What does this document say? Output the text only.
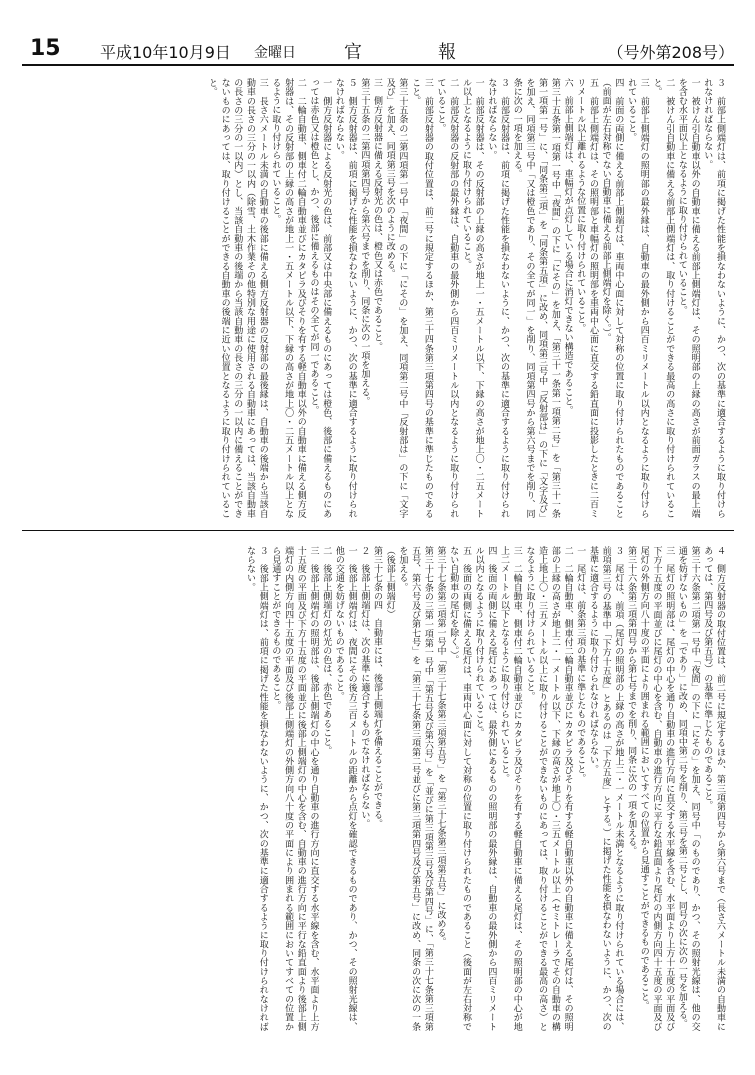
15 平成10年10月9日 金曜日	官	報	（号外第208号）

３　前部上側端灯は、前項に掲げた性能を損なわないように、かつ、次の基準に適合するように取り付けられなければならない。

一　被けん引自動車以外の自動車に備える前部上側端灯は、その照明部の上縁の高さが前面ガラスの最上端を含む水平面以上となるように取り付けられていること。

二　被けん引自動車に備える前部上側端灯は、取り付けることができる最高の高さに取り付けられていること。

三　前部上側端灯の照明部の最外縁は、自動車の最外側から四百ミリメートル以内となるように取り付けられていること。

四　前面の両側に備える前部上側端灯は、車両中心面に対して対称の位置に取り付けられたものであること（前面が左右対称でない自動車に備える前部上側端灯を除く。）。

五　前部上側端灯は、その照明部と車幅灯の照明部を車両中心面に直交する鉛直面に投影したときに二百ミリメートル以上離れるような位置に取り付けられていること。

六　前部上側端灯は、車幅灯が点灯している場合に消灯できない構造であること。

第三十五条第一項第一号中「夜間」の下に「にその」を加え、「第三十一条第一項第二号」を「第三十一条第一項第一号」に、「同条第三項」を「同条第五項」に改め、同項第三号中「反射部は」の下に「文字及び」を加え、同項第三号中「又は橙色であり、その全てが同一」を削り、同項第四号から第六号までを削り、同条に次の一項を加える。

３　前部反射器は、前項に掲げた性能を損なわないように、かつ、次の基準に適合するように取り付けられなければならない。

一　前部反射器は、その反射部の上縁の高さが地上一・五メートル以下、下縁の高さが地上〇・二五メートル以上となるように取り付けられていること。

二　前部反射器の反射部の最外縁は、自動車の最外側から四百ミリメートル以内となるように取り付けられていること。

三　前部反射器の取付位置は、前二号に規定するほか、第三十四条第三項第四号の基準に準じたものであること。

第三十五条の二第四項第一号中「夜間」の下に「にその」を加え、同項第二号中「反射部は」の下に「文字及び」を加え、同項第三号を次のように改める。

三　側方反射器に備える反射光の色は、橙色又は赤色であること。

第三十五条の二第四項第四号から第六号までを削り、同条に次の一項を加える。

５　側方反射器は、前項に掲げた性能を損なわないように、かつ、次の基準に適合するように取り付けられなければならない。

一　側方反射器による反射光の色は、前部又は中央部に備えるものにあっては橙色、後部に備えるものにあっては赤色又は橙色とし、かつ、後部に備えるものはその全てが同一であること。

二　二輪自動車、側車付二輪自動車並びにカタピラ及びそりを有する軽自動車以外の自動車に備える側方反射器は、その反射部の上縁の高さが地上一・五メートル以下、下縁の高さが地上〇・二五メートル以上となるように取り付けられていること。

三　長さ六メートル未満の自動車の後部に備える側方反射器の反射部の最後縁は、自動車の後端から当該自動車の長さの三分の一以内（除雪、土木作業その他特別な用途に使用される自動車にあっては、当該自動車の長さの三分の一以内）とし、当該自動車の後端から当該自動車の長さの三分の一以内に備えることができないものにあっては、取り付けることができる自動車の後端に近い位置となるように取り付けられていること。

４　側方反射器の取付位置は、前二号に規定するほか、第三項第四号から第六号まで（長さ六メートル未満の自動車にあっては、第四号及び第五号）の基準に準じたものであること。

第三十六条第二項第一号中「夜間」の下に「にその」を加え、同号中「のものであり、かつ、その照射光線は、他の交通を妨げないもの」を「であり」に改め、同項中第二号を削り、第三号を第二号とし、同号の次に次の一号を加える。

三　尾灯の照明部は、尾灯の中心を通り自動車の進行方向に直交する水平線を含む、水平面より上方十五度の平面及び下方十五度の平面並びに尾灯の中心を含む、自動車の進行方向に平行な鉛直面より尾灯の内側方向四十五度の平面及び尾灯の外側方向八十度の平面により囲まれる範囲においてすべての位置から見通すことができるものであること。

第三十六条第三項第四号から第七号までを削り、同条に次の一項を加える。

３　尾灯は、前項（尾灯の照明部の上縁の高さが地上二・一メートル未満となるように取り付けられている場合には、前項第三号の基準中「下方十五度」とあるのは「下方五度」とする。）に掲げた性能を損なわないように、かつ、次の基準に適合するように取り付けられなければならない。

一　尾灯は、前条第三項の基準に準じたものであること。

二　二輪自動車、側車付二輪自動車並びにカタピラ及びそりを有する軽自動車以外の自動車に備える尾灯は、その照明部の上縁の高さが地上二・一メートル以下、下縁の高さが地上〇・三五メートル以上（セミトレーラでその自動車の構造上地上〇・三五メートル以上に取り付けることができないものにあっては、取り付けることができる最高の高さ）となるように取り付けられていること。

三　二輪自動車、側車付二輪自動車並びにカタピラ及びそりを有する軽自動車に備える尾灯は、その照明部の中心が地上二メートル以下となるように取り付けられていること。

四　後面の両側に備える尾灯にあっては、最外側にあるものの照明部の最外縁は、自動車の最外側から四百ミリメートル以内となるように取り付けられていること。

五　後面の両側に備える尾灯は、車両中心面に対して対称の位置に取り付けられたものであること（後面が左右対称でない自動車の尾灯を除く。）。

第三十七条第三項第一号中「第三十七条第三項第五号」を「第三十七条第三項第五号」に改める。

第三十七条の三第一項第一号中「第五号及び第六号」を「並びに第三項第三号及び第四号」に、「第三十七条第三項第五号、第六号及び第七号」を「第三十七条第三項第二号並びに第三項第四号及び第五号」に改め、同条の次に次の一条を加える。

（後部上側端灯）

第三十七条の四　自動車には、後部上側端灯を備えることができる。

２　後部上側端灯は、次の基準に適合するものでなければならない。

一　後部上側端灯は、夜間にその後方三百メートルの距離から点灯を確認できるものであり、かつ、その照射光線は、他の交通を妨げないものであること。

二　後部上側端灯の灯光の色は、赤色であること。

三　後部上側端灯の照明部は、後部上側端灯の中心を通り自動車の進行方向に直交する水平線を含む、水平面より上方十五度の平面及び下方十五度の平面並びに後部上側端灯の中心を含む、自動車の進行方向に平行な鉛直面より後部上側端灯の内側方向四十五度の平面及び後部上側端灯の外側方向八十度の平面により囲まれる範囲においてすべての位置から見通すことができるものであること。

３　後部上側端灯は、前項に掲げた性能を損なわないように、かつ、次の基準に適合するように取り付けられなければならない。
